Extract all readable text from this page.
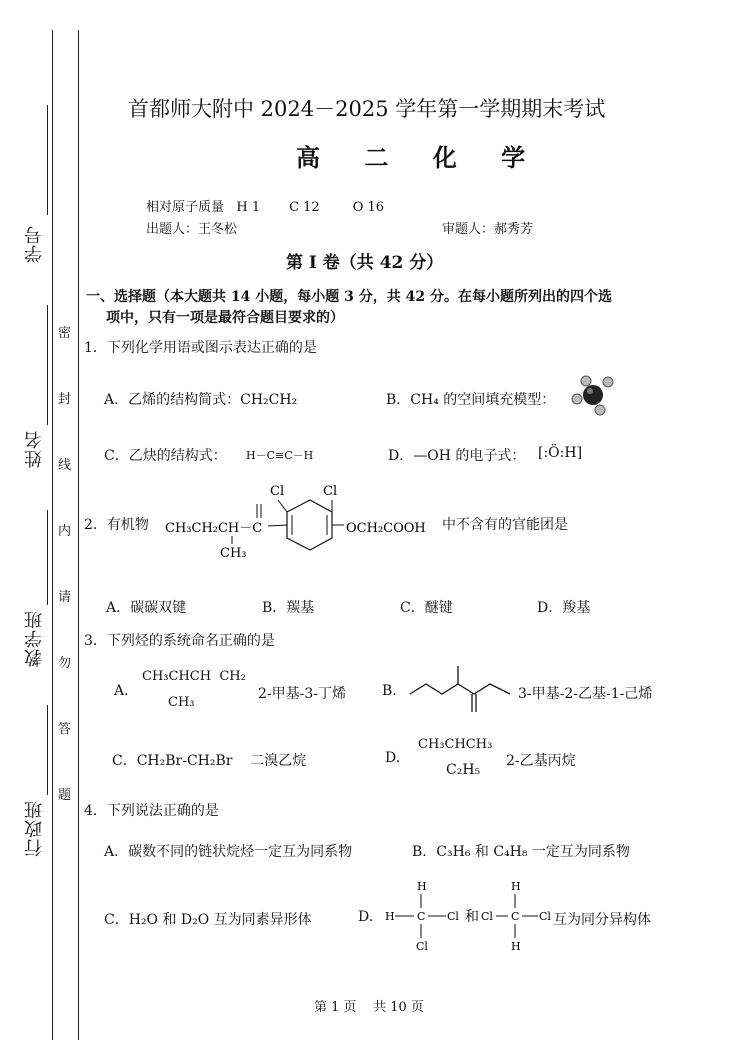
学号
姓名
教学班
行政班
密
封
线
内
请
勿
答
题
首都师大附中 2024－2025 学年第一学期期末考试
高 二 化 学
相对原子质量   H 1       C 12        O 16
出题人：王冬松	审题人：郝秀芳
第 I 卷（共 42 分）
一、选择题（本大题共 14 小题，每小题 3 分，共 42 分。在每小题所列出的四个选
项中，只有一项是最符合题目要求的）
1．下列化学用语或图示表达正确的是
A．乙烯的结构简式：CH₂CH₂	B．CH₄ 的空间填充模型：
C．乙炔的结构式： H－C≡C－H	D．—OH 的电子式： [:Ö:H]
2．有机物
Cl	Cl
CH₃CH₂CH－C
CH₃
OCH₂COOH 中不含有的官能团是
A．碳碳双键	B．羰基	C．醚键	D．羧基
3．下列烃的系统命名正确的是
A.
CH₃CHCH  CH₂
CH₃
2-甲基-3-丁烯	B.	3-甲基-2-乙基-1-己烯
C．CH₂Br-CH₂Br    二溴乙烷	D.
CH₃CHCH₃
C₂H₅
2-乙基丙烷
4．下列说法正确的是
A．碳数不同的链状烷烃一定互为同系物	B．C₃H₆ 和 C₄H₈ 一定互为同系物
C．H₂O 和 D₂O 互为同素异形体	D.
H
H C Cl
Cl
和 Cl
H
C Cl
H
互为同分异构体
第 1 页    共 10 页
